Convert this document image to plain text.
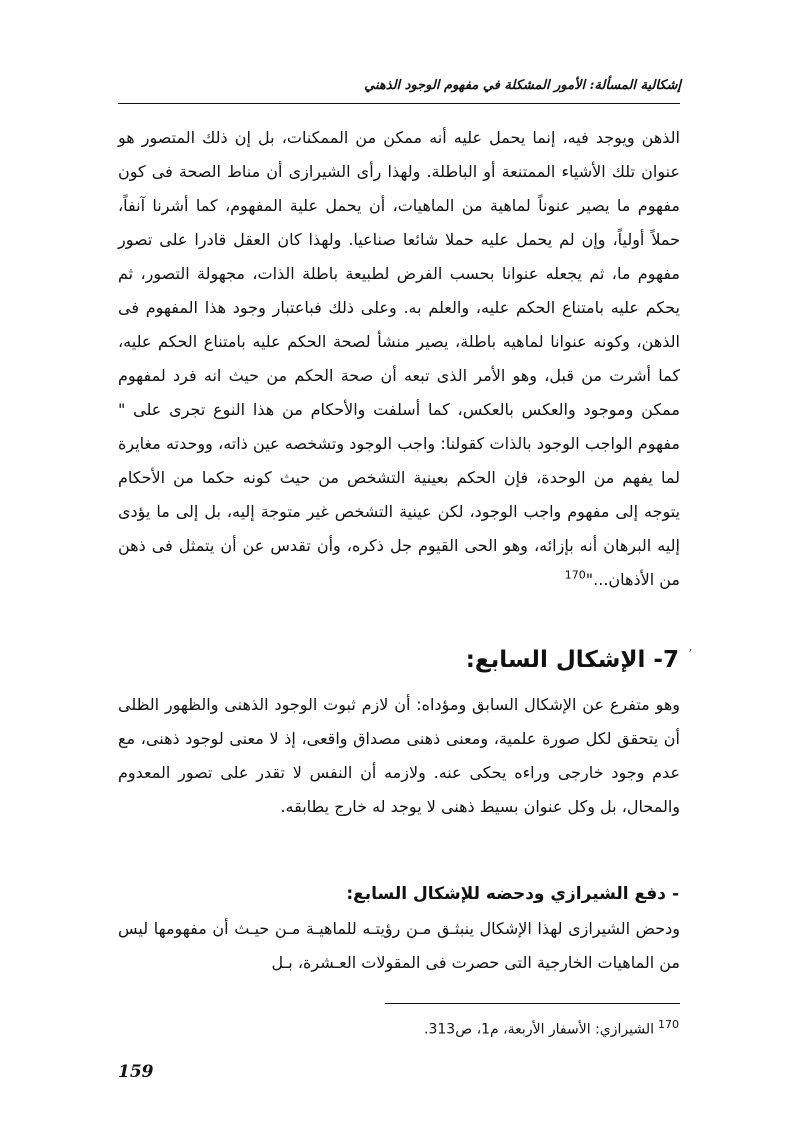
إشكالية المسألة: الأمور المشكلة في مفهوم الوجود الذهني

الذهن ويوجد فيه، إنما يحمل عليه أنه ممكن من الممكنات، بل إن ذلك المتصور هو عنوان تلك الأشياء الممتنعة أو الباطلة. ولهذا رأى الشيرازى أن مناط الصحة فى كون مفهوم ما يصير عنوناً لماهية من الماهيات، أن يحمل علية المفهوم، كما أشرنا آنفاً، حملاً أولياً، وإن لم يحمل عليه حملا شائعا صناعيا. ولهذا كان العقل قادرا على تصور مفهوم ما، ثم يجعله عنوانا بحسب الفرض لطبيعة باطلة الذات، مجهولة التصور، ثم يحكم عليه بامتناع الحكم عليه، والعلم به. وعلى ذلك فباعتبار وجود هذا المفهوم فى الذهن، وكونه عنوانا لماهيه باطلة، يصير منشأ لصحة الحكم عليه بامتناع الحكم عليه، كما أشرت من قبل، وهو الأمر الذى تبعه أن صحة الحكم من حيث انه فرد لمفهوم ممكن وموجود والعكس بالعكس، كما أسلفت والأحكام من هذا النوع تجرى على " مفهوم الواجب الوجود بالذات كقولنا: واجب الوجود وتشخصه عين ذاته، ووحدته مغايرة لما يفهم من الوحدة، فإن الحكم بعينية التشخص من حيث كونه حكما من الأحكام يتوجه إلى مفهوم واجب الوجود، لكن عينية التشخص غير متوجة إليه، بل إلى ما يؤدى إليه البرهان أنه بإزائه، وهو الحى القيوم جل ذكره، وأن تقدس عن أن يتمثل فى ذهن من الأذهان..."$^{170}$

ʼ
7- الإشكال السابع:

وهو متفرع عن الإشكال السابق ومؤداه: أن لازم ثبوت الوجود الذهنى والظهور الظلى أن يتحقق لكل صورة علمية، ومعنى ذهنى مصداق واقعى، إذ لا معنى لوجود ذهنى، مع عدم وجود خارجى وراءه يحكى عنه. ولازمه أن النفس لا تقدر على تصور المعدوم والمحال، بل وكل عنوان بسيط ذهنى لا يوجد له خارج يطابقه.

- دفع الشيرازي ودحضه للإشكال السابع:

ودحض الشيرازى لهذا الإشكال ينبثـق مـن رؤيتـه للماهيـة مـن حيـث أن مفهومها ليس من الماهيات الخارجية التى حصرت فى المقولات العـشرة، بـل

$^{170}$الشيرازي: الأسفار الأربعة، م1، ص313.
159
